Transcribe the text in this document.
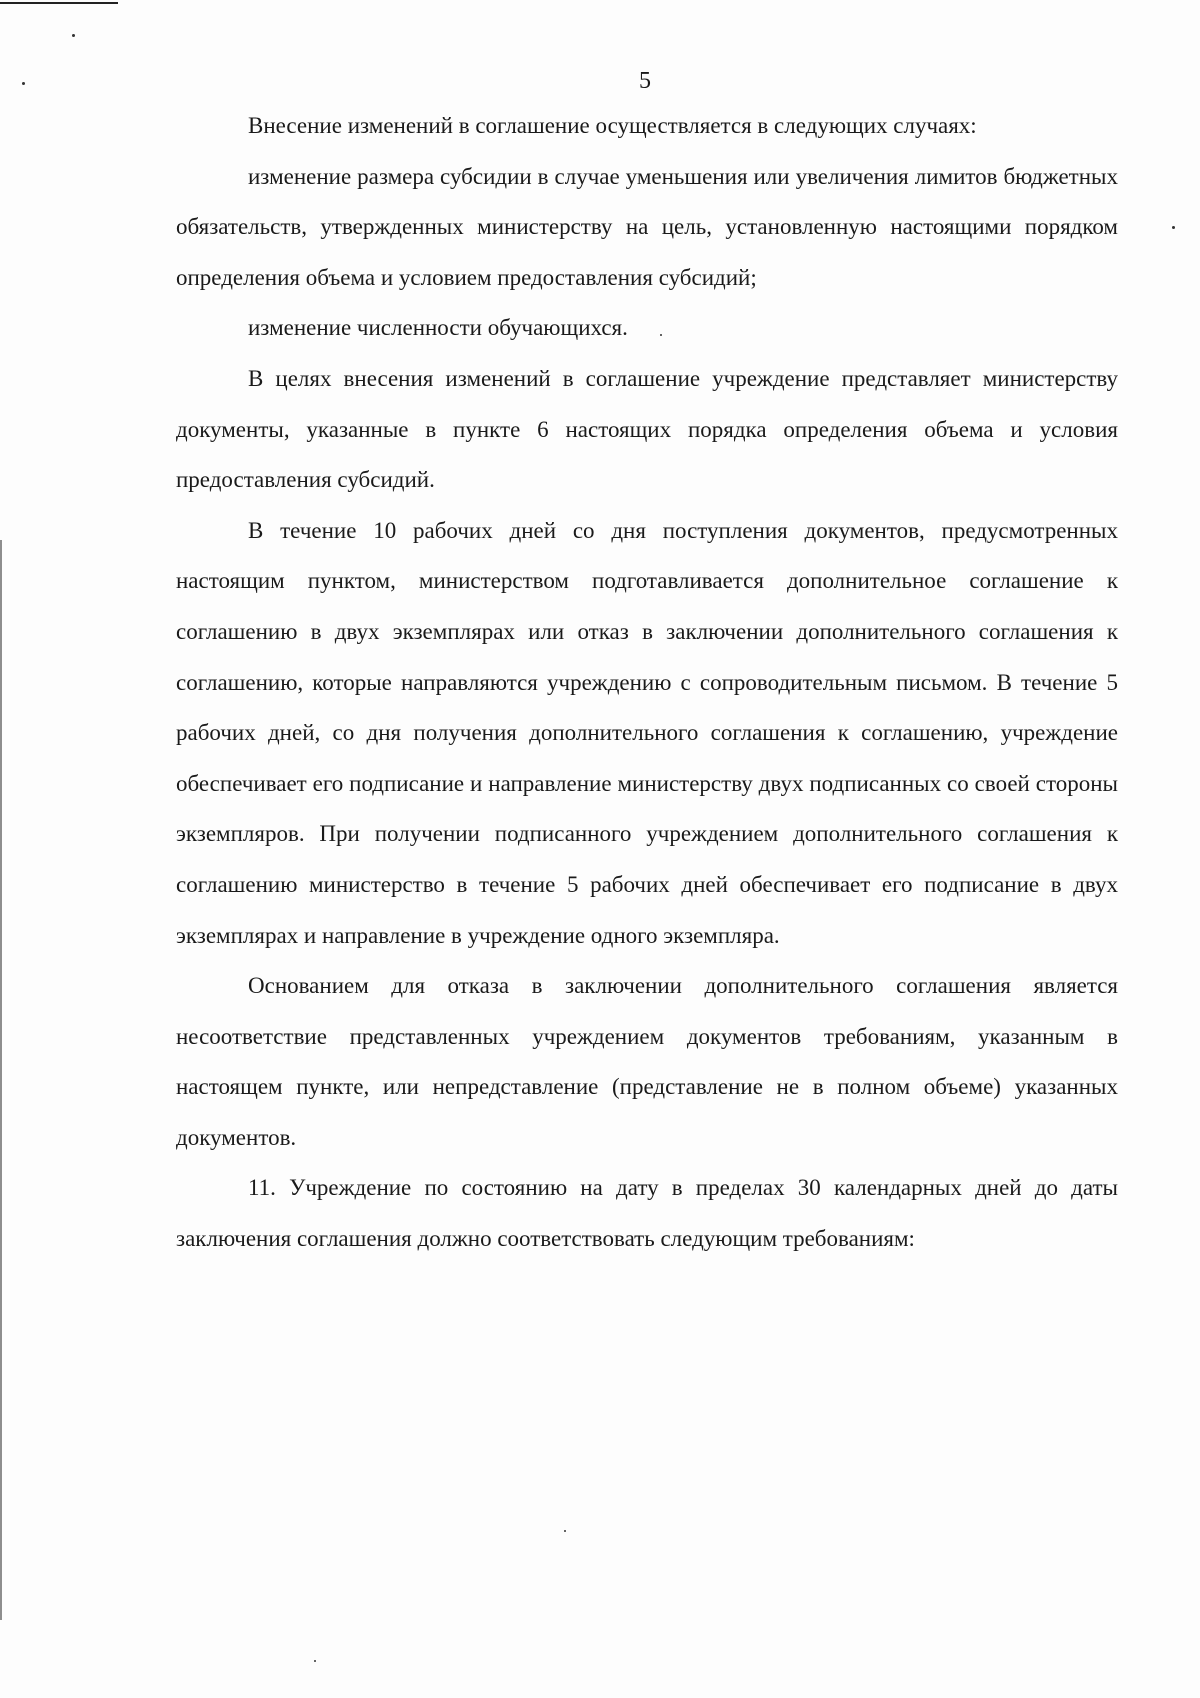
5

Внесение изменений в соглашение осуществляется в следующих случаях:

изменение размера субсидии в случае уменьшения или увеличения лимитов бюджетных обязательств, утвержденных министерству на цель, установленную настоящими порядком определения объема и условием предоставления субсидий;

изменение численности обучающихся.

В целях внесения изменений в соглашение учреждение представляет министерству документы, указанные в пункте 6 настоящих порядка определения объема и условия предоставления субсидий.

В течение 10 рабочих дней со дня поступления документов, предусмотренных настоящим пунктом, министерством подготавливается дополнительное соглашение к соглашению в двух экземплярах или отказ в заключении дополнительного соглашения к соглашению, которые направляются учреждению с сопроводительным письмом. В течение 5 рабочих дней, со дня получения дополнительного соглашения к соглашению, учреждение обеспечивает его подписание и направление министерству двух подписанных со своей стороны экземпляров. При получении подписанного учреждением дополнительного соглашения к соглашению министерство в течение 5 рабочих дней обеспечивает его подписание в двух экземплярах и направление в учреждение одного экземпляра.

Основанием для отказа в заключении дополнительного соглашения является несоответствие представленных учреждением документов требованиям, указанным в настоящем пункте, или непредставление (представление не в полном объеме) указанных документов.

11. Учреждение по состоянию на дату в пределах 30 календарных дней до даты заключения соглашения должно соответствовать следующим требованиям:
